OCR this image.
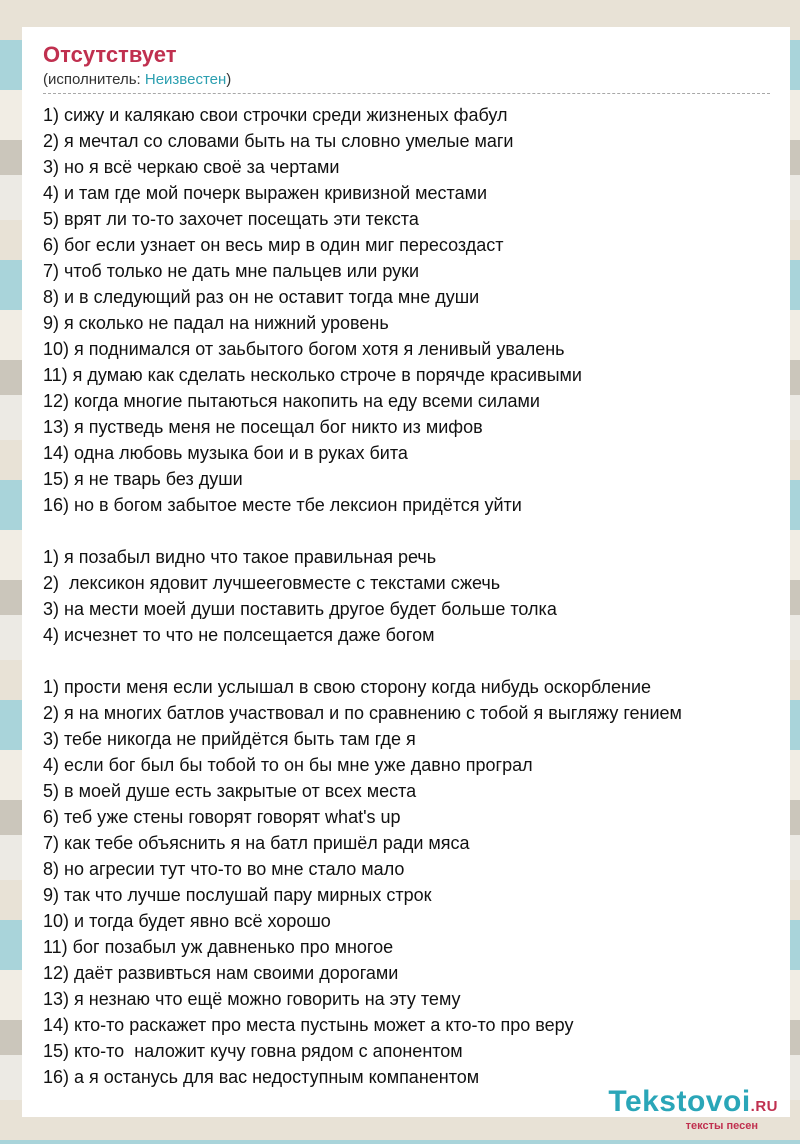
Отсутствует
(исполнитель: Неизвестен)
1) сижу и калякаю свои строчки среди жизненых фабул
2) я мечтал со словами быть на ты словно умелые маги
3) но я всё черкаю своё за чертами
4) и там где мой почерк выражен кривизной местами
5) врят ли то-то захочет посещать эти текста
6) бог если узнает он весь мир в один миг пересоздаст
7) чтоб только не дать мне пальцев или руки
8) и в следующий раз он не оставит тогда мне души
9) я сколько не падал на нижний уровень
10) я поднимался от заьбытого богом хотя я ленивый увалень
11) я думаю как сделать несколько строче в порячде красивыми
12) когда многие пытаються накопить на еду всеми силами
13) я пустведь меня не посещал бог никто из мифов
14) одна любовь музыка бои и в руках бита
15) я не тварь без души
16) но в богом забытое месте тбе лексион придётся уйти
1) я позабыл видно что такое правильная речь
2)  лексикон ядовит лучшееговместе с текстами сжечь
3) на мести моей души поставить другое будет больше толка
4) исчезнет то что не полсещается даже богом
1) прости меня если услышал в свою сторону когда нибудь оскорбление
2) я на многих батлов участвовал и по сравнению с тобой я выгляжу гением
3) тебе никогда не прийдётся быть там где я
4) если бог был бы тобой то он бы мне уже давно програл
5) в моей душе есть закрытые от всех места
6) теб уже стены говорят говорят what's up
7) как тебе объяснить я на батл пришёл ради мяса
8) но агресии тут что-то во мне стало мало
9) так что лучше послушай пару мирных строк
10) и тогда будет явно всё хорошо
11) бог позабыл уж давненько про многое
12) даёт развивться нам своими дорогами
13) я незнаю что ещё можно говорить на эту тему
14) кто-то раскажет про места пустынь может а кто-то про веру
15) кто-то  наложит кучу говна рядом с апонентом
16) а я останусь для вас недоступным компанентом
Tekstovoi.RU
тексты песен
